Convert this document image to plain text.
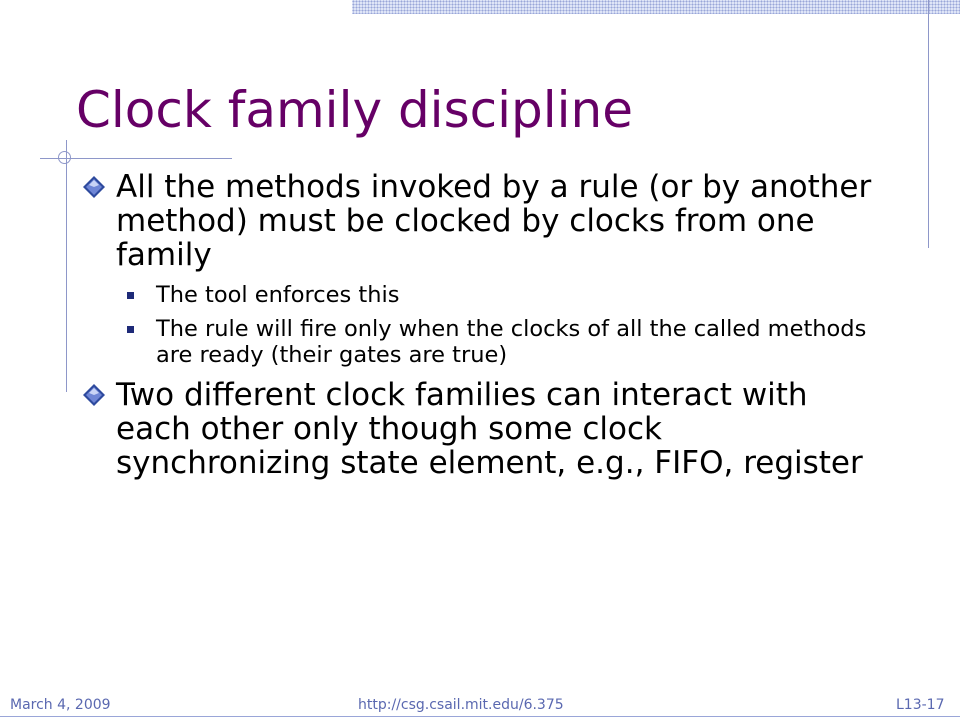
Clock family discipline
All the methods invoked by a rule (or by another method) must be clocked by clocks from one family
The tool enforces this
The rule will fire only when the clocks of all the called methods are ready (their gates are true)
Two different clock families can interact with each other only though some clock synchronizing state element, e.g., FIFO, register
March 4, 2009	http://csg.csail.mit.edu/6.375	L13-17
